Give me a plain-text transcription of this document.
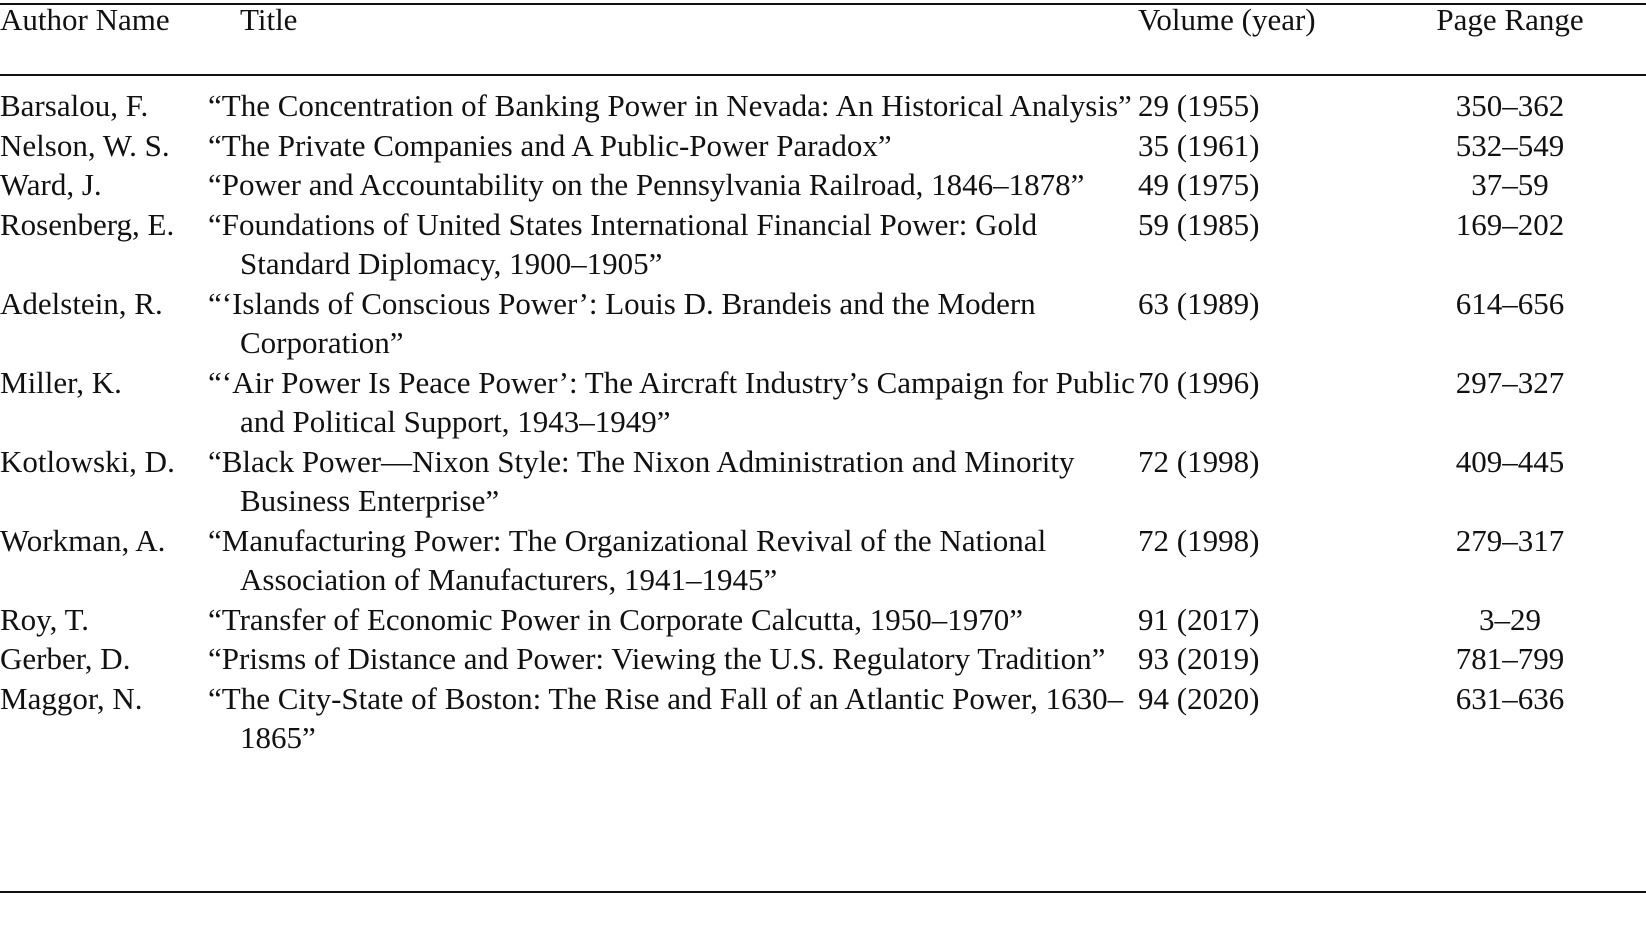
Author Name	Title	Volume (year)	Page Range
Barsalou, F.	“The Concentration of Banking Power in Nevada: An Historical Analysis”	29 (1955)	350–362
Nelson, W. S.	“The Private Companies and A Public-Power Paradox”	35 (1961)	532–549
Ward, J.	“Power and Accountability on the Pennsylvania Railroad, 1846–1878”	49 (1975)	37–59
Rosenberg, E.	“Foundations of United States International Financial Power: Gold Standard Diplomacy, 1900–1905”	59 (1985)	169–202
Adelstein, R.	“‘Islands of Conscious Power’: Louis D. Brandeis and the Modern Corporation”	63 (1989)	614–656
Miller, K.	“‘Air Power Is Peace Power’: The Aircraft Industry’s Campaign for Public and Political Support, 1943–1949”	70 (1996)	297–327
Kotlowski, D.	“Black Power—Nixon Style: The Nixon Administration and Minority Business Enterprise”	72 (1998)	409–445
Workman, A.	“Manufacturing Power: The Organizational Revival of the National Association of Manufacturers, 1941–1945”	72 (1998)	279–317
Roy, T.	“Transfer of Economic Power in Corporate Calcutta, 1950–1970”	91 (2017)	3–29
Gerber, D.	“Prisms of Distance and Power: Viewing the U.S. Regulatory Tradition”	93 (2019)	781–799
Maggor, N.	“The City-State of Boston: The Rise and Fall of an Atlantic Power, 1630–1865”	94 (2020)	631–636
